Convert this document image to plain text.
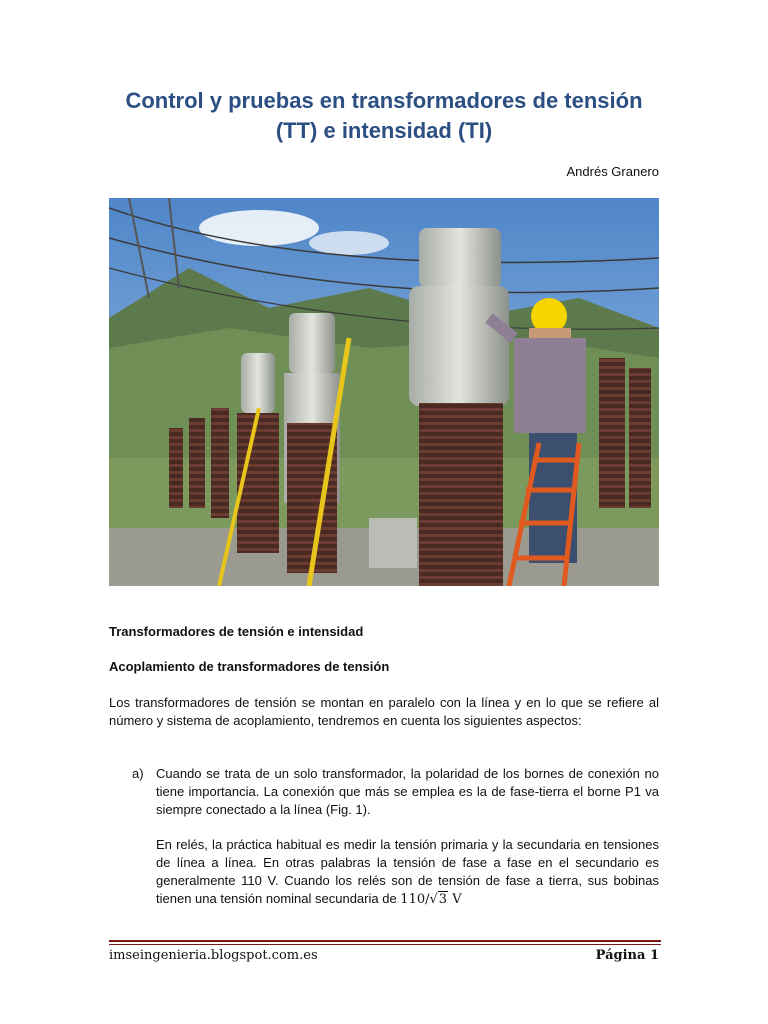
Control y pruebas en transformadores de tensión (TT) e intensidad (TI)
Andrés Granero
Transformadores de tensión e intensidad
Acoplamiento de transformadores de tensión
Los transformadores de tensión se montan en paralelo con la línea y en lo que se refiere al número y sistema de acoplamiento, tendremos en cuenta los siguientes aspectos:
a) Cuando se trata de un solo transformador, la polaridad de los bornes de conexión no tiene importancia. La conexión que más se emplea es la de fase-tierra el borne P1 va siempre conectado a la línea (Fig. 1).
En relés, la práctica habitual es medir la tensión primaria y la secundaria en tensiones de línea a línea. En otras palabras la tensión de fase a fase en el secundario es generalmente 110 V. Cuando los relés son de tensión de fase a tierra, sus bobinas tienen una tensión nominal secundaria de 110/√3 V
imseingenieria.blogspot.com.es	Página 1
